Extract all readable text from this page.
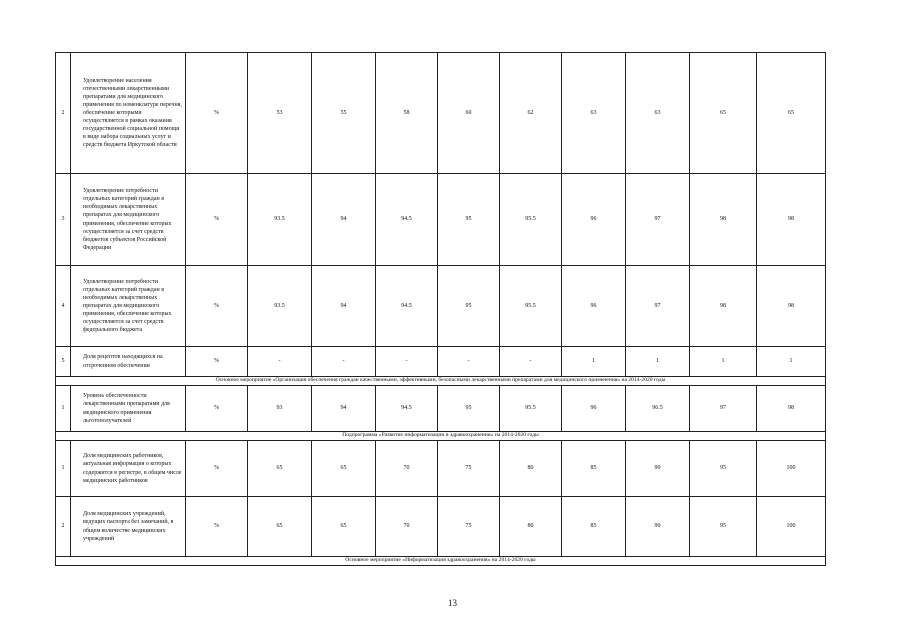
2	Удовлетворение населения отечественными лекарственными препаратами для медицинского применения по номенклатуре перечня, обеспечение которыми осуществляется в рамках оказания государственной социальной помощи в виде набора социальных услуг и средств бюджета Иркутской области	%	53	55	58	60	62	63	63	65	65
3	Удовлетворение потребности отдельных категорий граждан в необходимых лекарственных препаратах для медицинского применения, обеспечение которых осуществляется за счет средств бюджетов субъектов Российской Федерации	%	93.5	94	94.5	95	95.5	96	97	98	98
4	Удовлетворение потребности отдельных категорий граждан в необходимых лекарственных препаратах для медицинского применения, обеспечение которых осуществляется за счет средств федерального бюджета	%	93.5	94	94.5	95	95.5	96	97	98	98
5	Доля рецептов находящихся на отсроченном обеспечении	%	-	-	-	-	-	1	1	1	1
Основное мероприятие «Организация обеспечения граждан качественными, эффективными, безопасными лекарственными препаратами для медицинского применения» на 2014-2020 годы											
1	Уровень обеспеченности лекарственными препаратами для медицинского применения льготополучателей	%	93	94	94.5	95	95.5	96	96.5	97	98
Подпрограмма «Развитие информатизации в здравоохранении» на 2014-2020 годы											
1	Доля медицинских работников, актуальная информация о которых содержится в регистре, в общем числе медицинских работников	%	65	65	70	75	80	85	90	95	100
2	Доля медицинских учреждений, ведущих паспорта без замечаний, в общем количестве медицинских учреждений	%	65	65	70	75	80	85	90	95	100
Основное мероприятие «Информатизация здравоохранения» на 2014-2020 годы											
13
